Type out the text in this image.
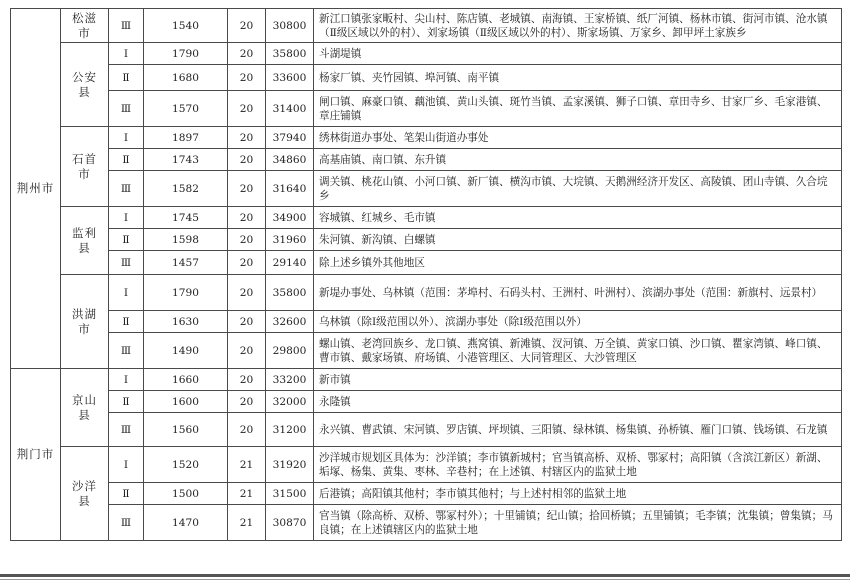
荆州市	松滋市	Ⅲ	1540	20	30800	新江口镇张家畈村、尖山村、陈店镇、老城镇、南海镇、王家桥镇、纸厂河镇、杨林市镇、街河市镇、沧水镇（Ⅱ级区域以外的村）、刘家场镇（Ⅱ级区域以外的村）、斯家场镇、万家乡、卸甲坪土家族乡
	公安县	Ⅰ	1790	20	35800	斗湖堤镇
		Ⅱ	1680	20	33600	杨家厂镇、夹竹园镇、埠河镇、南平镇
		Ⅲ	1570	20	31400	闸口镇、麻豪口镇、藕池镇、黄山头镇、斑竹当镇、孟家溪镇、狮子口镇、章田寺乡、甘家厂乡、毛家港镇、章庄铺镇
	石首市	Ⅰ	1897	20	37940	绣林街道办事处、笔架山街道办事处
		Ⅱ	1743	20	34860	高基庙镇、南口镇、东升镇
		Ⅲ	1582	20	31640	调关镇、桃花山镇、小河口镇、新厂镇、横沟市镇、大垸镇、天鹅洲经济开发区、高陵镇、团山寺镇、久合垸乡
	监利县	Ⅰ	1745	20	34900	容城镇、红城乡、毛市镇
		Ⅱ	1598	20	31960	朱河镇、新沟镇、白螺镇
		Ⅲ	1457	20	29140	除上述乡镇外其他地区
	洪湖市	Ⅰ	1790	20	35800	新堤办事处、乌林镇（范围：茅埠村、石码头村、王洲村、叶洲村）、滨湖办事处（范围：新旗村、远景村）
		Ⅱ	1630	20	32600	乌林镇（除Ⅰ级范围以外）、滨湖办事处（除Ⅰ级范围以外）
		Ⅲ	1490	20	29800	螺山镇、老湾回族乡、龙口镇、燕窝镇、新滩镇、汊河镇、万全镇、黄家口镇、沙口镇、瞿家湾镇、峰口镇、曹市镇、戴家场镇、府场镇、小港管理区、大同管理区、大沙管理区
荆门市	京山县	Ⅰ	1660	20	33200	新市镇
		Ⅱ	1600	20	32000	永隆镇
		Ⅲ	1560	20	31200	永兴镇、曹武镇、宋河镇、罗店镇、坪坝镇、三阳镇、绿林镇、杨集镇、孙桥镇、雁门口镇、钱场镇、石龙镇
	沙洋县	Ⅰ	1520	21	31920	沙洋城市规划区具体为：沙洋镇；李市镇新城村；官当镇高桥、双桥、鄂冢村；高阳镇（含滨江新区）新湖、垢塚、杨集、黄集、枣林、辛巷村；在上述镇、村辖区内的监狱土地
		Ⅱ	1500	21	31500	后港镇；高阳镇其他村；李市镇其他村；与上述村相邻的监狱土地
		Ⅲ	1470	21	30870	官当镇（除高桥、双桥、鄂冢村外）；十里铺镇；纪山镇；拾回桥镇；五里铺镇；毛李镇；沈集镇；曾集镇；马良镇；在上述镇辖区内的监狱土地
